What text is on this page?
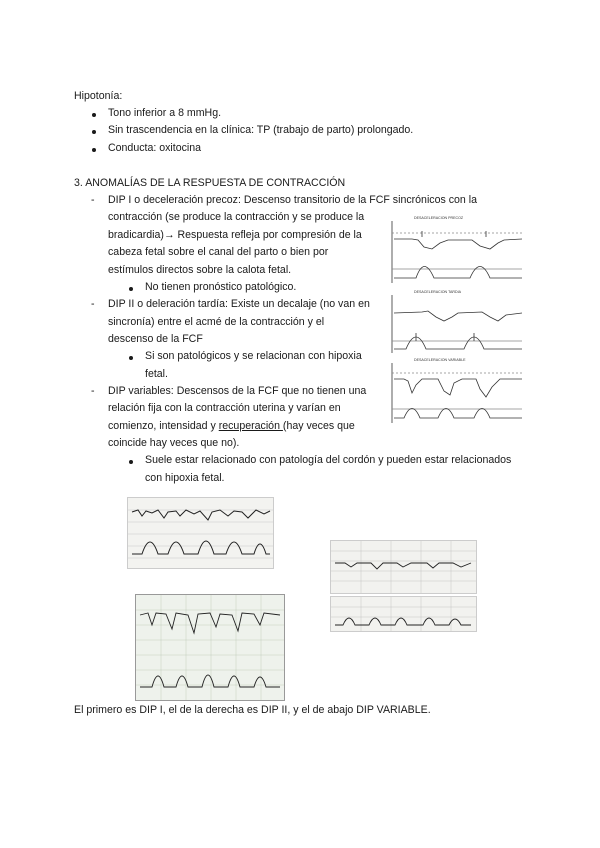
Hipotonía:
Tono inferior a 8 mmHg.
Sin trascendencia en la clínica: TP (trabajo de parto) prolongado.
Conducta: oxitocina
3. ANOMALÍAS DE LA RESPUESTA DE CONTRACCIÓN
- DIP I o deceleración precoz: Descenso transitorio de la FCF sincrónicos con la
contracción (se produce la contracción y se produce la
bradicardia)→ Respuesta refleja por compresión de la
cabeza fetal sobre el canal del parto o bien por
estímulos directos sobre la calota fetal.
No tienen pronóstico patológico.
- DIP II o deleración tardía: Existe un decalaje (no van en
sincronía) entre el acmé de la contracción y el
descenso de la FCF
Si son patológicos y se relacionan con hipoxia
fetal.
- DIP variables: Descensos de la FCF que no tienen una
relación fija con la contracción uterina y varían en
comienzo, intensidad y recuperación (hay veces que
coincide hay veces que no).
Suele estar relacionado con patología del cordón y pueden estar relacionados
con hipoxia fetal.
DESACELERACION PRECOZ
DESACELERACION TARDIA
DESACELERACION VARIABLE
El primero es DIP I, el de la derecha es DIP II, y el de abajo DIP VARIABLE.
